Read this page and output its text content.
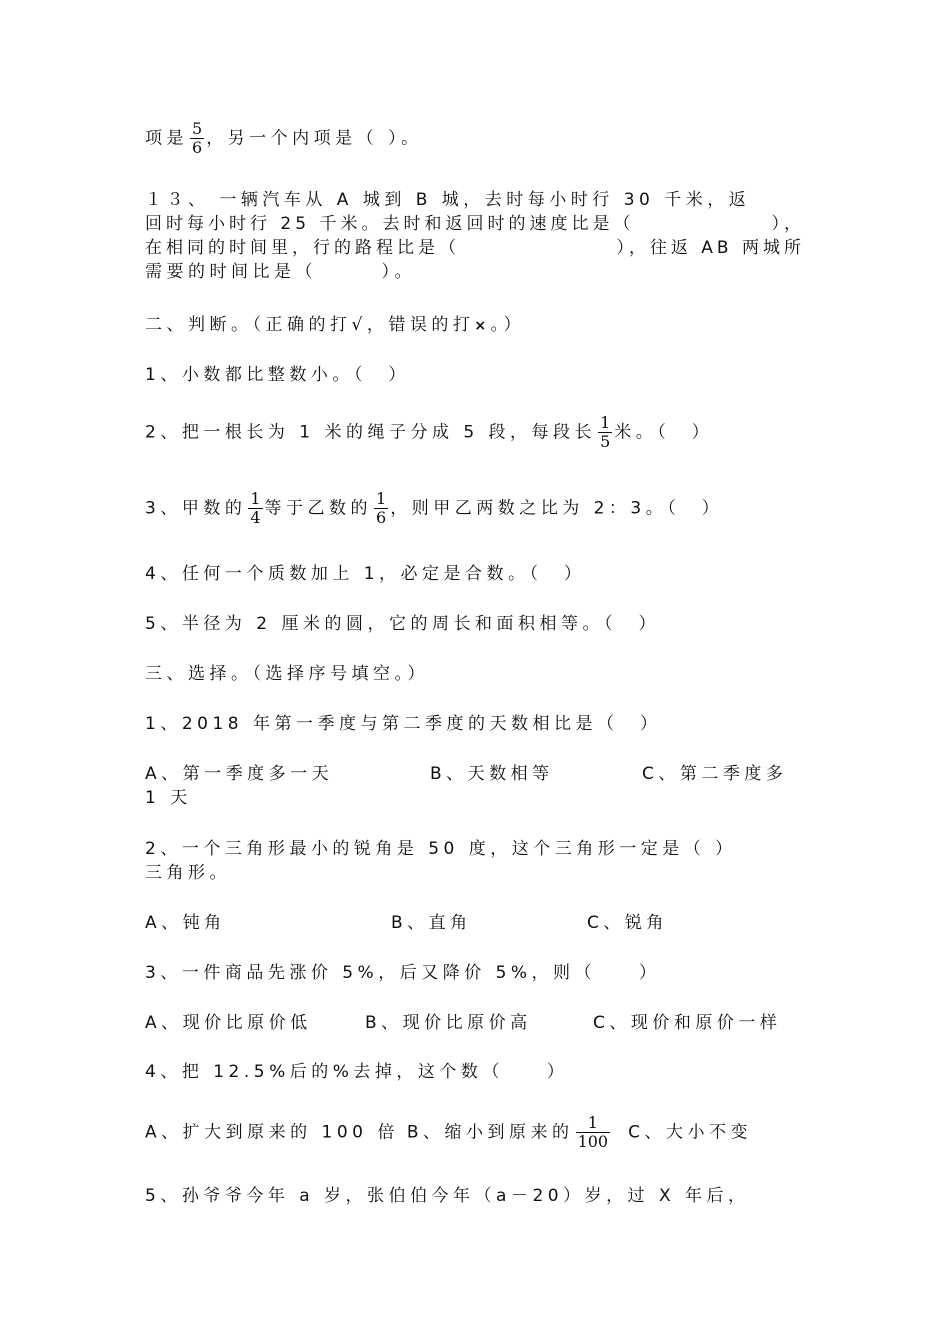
项是 $\frac{5}{6}$ ，另一个内项是（ ）。
１３、 一辆汽车从 A 城到 B 城，去时每小时行 30 千米，返
回时每小时行 25 千米。去时和返回时的速度比是（	），
在相同的时间里，行的路程比是（	），往返 AB 两城所
需要的时间比是（　　　）。
二、判断。（正确的打√，错误的打×。）
1、小数都比整数小。（　）
2、把一根长为 1 米的绳子分成 5 段，每段长 $\frac{1}{5}$ 米。（　）
3、甲数的 $\frac{1}{4}$ 等于乙数的 $\frac{1}{6}$ ，则甲乙两数之比为 2：3。（　）
4、任何一个质数加上 1，必定是合数。（　）
5、半径为 2 厘米的圆，它的周长和面积相等。（　）
三、选择。（选择序号填空。）
1、2018 年第一季度与第二季度的天数相比是（　）
A、第一季度多一天	B、天数相等	C、第二季度多
1 天
2、一个三角形最小的锐角是 50 度，这个三角形一定是（ ）
三角形。
A、钝角	B、直角	C、锐角
3、一件商品先涨价 5%，后又降价 5%，则（　　）
A、现价比原价低	B、现价比原价高	C、现价和原价一样
4、把 12.5%后的%去掉，这个数（　　）
A、扩大到原来的 100 倍 B、缩小到原来的 $\frac{1}{100}$ C、大小不变
5、孙爷爷今年 a 岁，张伯伯今年（a－20）岁，过 X 年后，
